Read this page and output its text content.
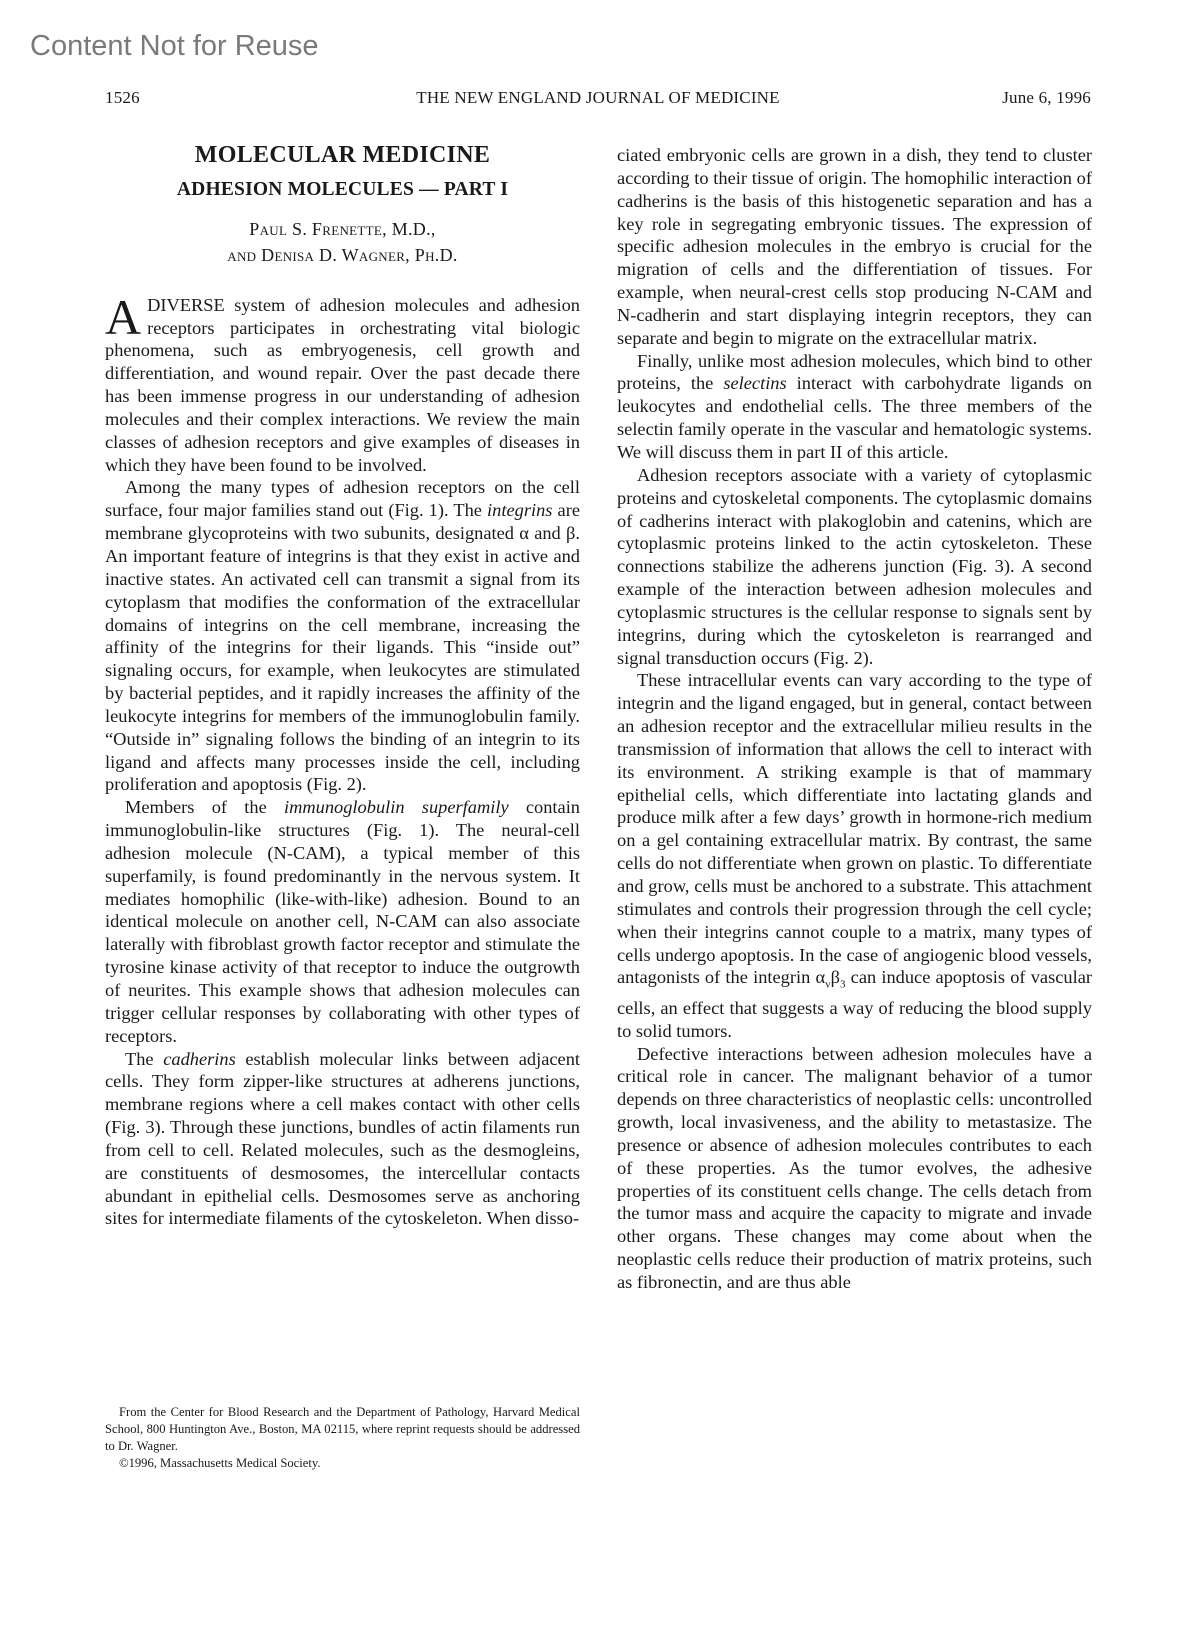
Content Not for Reuse
1526	THE NEW ENGLAND JOURNAL OF MEDICINE	June 6, 1996
MOLECULAR MEDICINE
ADHESION MOLECULES — PART I
Paul S. Frenette, M.D.,
and Denisa D. Wagner, Ph.D.

ADIVERSE system of adhesion molecules and adhesion receptors participates in orchestrating vital biologic phenomena, such as embryogenesis, cell growth and differentiation, and wound repair. Over the past decade there has been immense progress in our understanding of adhesion molecules and their complex interactions. We review the main classes of adhesion receptors and give examples of diseases in which they have been found to be involved.

Among the many types of adhesion receptors on the cell surface, four major families stand out (Fig. 1). The integrins are membrane glycoproteins with two subunits, designated α and β. An important feature of integrins is that they exist in active and inactive states. An activated cell can transmit a signal from its cytoplasm that modifies the conformation of the extracellular domains of integrins on the cell membrane, increasing the affinity of the integrins for their ligands. This “inside out” signaling occurs, for example, when leukocytes are stimulated by bacterial peptides, and it rapidly increases the affinity of the leukocyte integrins for members of the immunoglobulin family. “Outside in” signaling follows the binding of an integrin to its ligand and affects many processes inside the cell, including proliferation and apoptosis (Fig. 2).

Members of the immunoglobulin superfamily contain immunoglobulin-like structures (Fig. 1). The neural-cell adhesion molecule (N-CAM), a typical member of this superfamily, is found predominantly in the nervous system. It mediates homophilic (like-with-like) adhesion. Bound to an identical molecule on another cell, N-CAM can also associate laterally with fibroblast growth factor receptor and stimulate the tyrosine kinase activity of that receptor to induce the outgrowth of neurites. This example shows that adhesion molecules can trigger cellular responses by collaborating with other types of receptors.

The cadherins establish molecular links between adjacent cells. They form zipper-like structures at adherens junctions, membrane regions where a cell makes contact with other cells (Fig. 3). Through these junctions, bundles of actin filaments run from cell to cell. Related molecules, such as the desmogleins, are constituents of desmosomes, the intercellular contacts abundant in epithelial cells. Desmosomes serve as anchoring sites for intermediate filaments of the cytoskeleton. When disso-

From the Center for Blood Research and the Department of Pathology, Harvard Medical School, 800 Huntington Ave., Boston, MA 02115, where reprint requests should be addressed to Dr. Wagner.

©1996, Massachusetts Medical Society.

ciated embryonic cells are grown in a dish, they tend to cluster according to their tissue of origin. The homophilic interaction of cadherins is the basis of this histogenetic separation and has a key role in segregating embryonic tissues. The expression of specific adhesion molecules in the embryo is crucial for the migration of cells and the differentiation of tissues. For example, when neural-crest cells stop producing N-CAM and N-cadherin and start displaying integrin receptors, they can separate and begin to migrate on the extracellular matrix.

Finally, unlike most adhesion molecules, which bind to other proteins, the selectins interact with carbohydrate ligands on leukocytes and endothelial cells. The three members of the selectin family operate in the vascular and hematologic systems. We will discuss them in part II of this article.

Adhesion receptors associate with a variety of cytoplasmic proteins and cytoskeletal components. The cytoplasmic domains of cadherins interact with plakoglobin and catenins, which are cytoplasmic proteins linked to the actin cytoskeleton. These connections stabilize the adherens junction (Fig. 3). A second example of the interaction between adhesion molecules and cytoplasmic structures is the cellular response to signals sent by integrins, during which the cytoskeleton is rearranged and signal transduction occurs (Fig. 2).

These intracellular events can vary according to the type of integrin and the ligand engaged, but in general, contact between an adhesion receptor and the extracellular milieu results in the transmission of information that allows the cell to interact with its environment. A striking example is that of mammary epithelial cells, which differentiate into lactating glands and produce milk after a few days’ growth in hormone-rich medium on a gel containing extracellular matrix. By contrast, the same cells do not differentiate when grown on plastic. To differentiate and grow, cells must be anchored to a substrate. This attachment stimulates and controls their progression through the cell cycle; when their integrins cannot couple to a matrix, many types of cells undergo apoptosis. In the case of angiogenic blood vessels, antagonists of the integrin $\alpha_v\beta_3$ can induce apoptosis of vascular cells, an effect that suggests a way of reducing the blood supply to solid tumors.

Defective interactions between adhesion molecules have a critical role in cancer. The malignant behavior of a tumor depends on three characteristics of neoplastic cells: uncontrolled growth, local invasiveness, and the ability to metastasize. The presence or absence of adhesion molecules contributes to each of these properties. As the tumor evolves, the adhesive properties of its constituent cells change. The cells detach from the tumor mass and acquire the capacity to migrate and invade other organs. These changes may come about when the neoplastic cells reduce their production of matrix proteins, such as fibronectin, and are thus able
